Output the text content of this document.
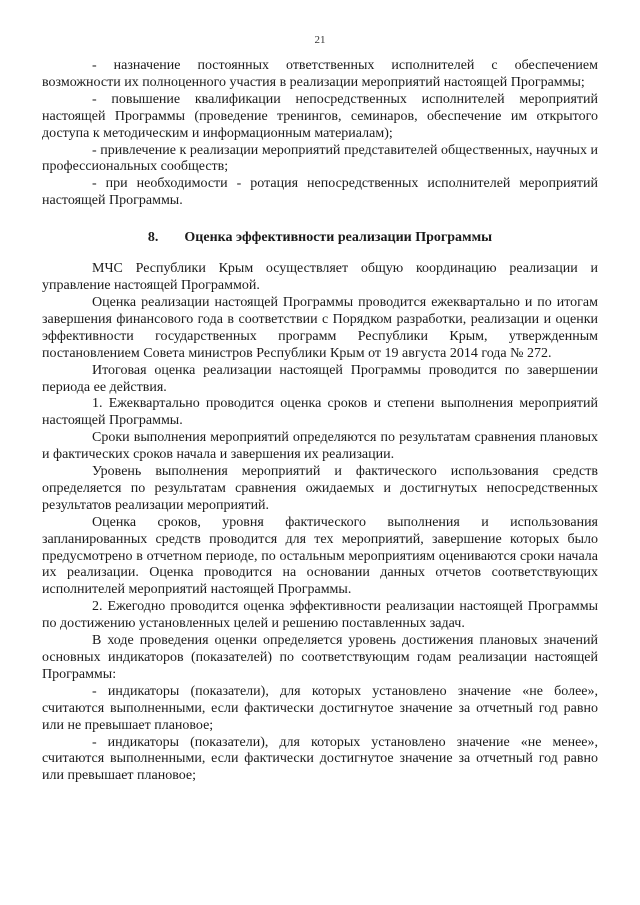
21

- назначение постоянных ответственных исполнителей с обеспечением возможности их полноценного участия в реализации мероприятий настоящей Программы;

- повышение квалификации непосредственных исполнителей мероприятий настоящей Программы (проведение тренингов, семинаров, обеспечение им открытого доступа к методическим и информационным материалам);

- привлечение к реализации мероприятий представителей общественных, научных и профессиональных сообществ;

- при необходимости - ротация непосредственных исполнителей мероприятий настоящей Программы.

8. Оценка эффективности реализации Программы

МЧС Республики Крым осуществляет общую координацию реализации и управление настоящей Программой.

Оценка реализации настоящей Программы проводится ежеквартально и по итогам завершения финансового года в соответствии с Порядком разработки, реализации и оценки эффективности государственных программ Республики Крым, утвержденным постановлением Совета министров Республики Крым от 19 августа 2014 года № 272.

Итоговая оценка реализации настоящей Программы проводится по завершении периода ее действия.

1. Ежеквартально проводится оценка сроков и степени выполнения мероприятий настоящей Программы.

Сроки выполнения мероприятий определяются по результатам сравнения плановых и фактических сроков начала и завершения их реализации.

Уровень выполнения мероприятий и фактического использования средств определяется по результатам сравнения ожидаемых и достигнутых непосредственных результатов реализации мероприятий.

Оценка сроков, уровня фактического выполнения и использования запланированных средств проводится для тех мероприятий, завершение которых было предусмотрено в отчетном периоде, по остальным мероприятиям оцениваются сроки начала их реализации. Оценка проводится на основании данных отчетов соответствующих исполнителей мероприятий настоящей Программы.

2. Ежегодно проводится оценка эффективности реализации настоящей Программы по достижению установленных целей и решению поставленных задач.

В ходе проведения оценки определяется уровень достижения плановых значений основных индикаторов (показателей) по соответствующим годам реализации настоящей Программы:

- индикаторы (показатели), для которых установлено значение «не более», считаются выполненными, если фактически достигнутое значение за отчетный год равно или не превышает плановое;

- индикаторы (показатели), для которых установлено значение «не менее», считаются выполненными, если фактически достигнутое значение за отчетный год равно или превышает плановое;
